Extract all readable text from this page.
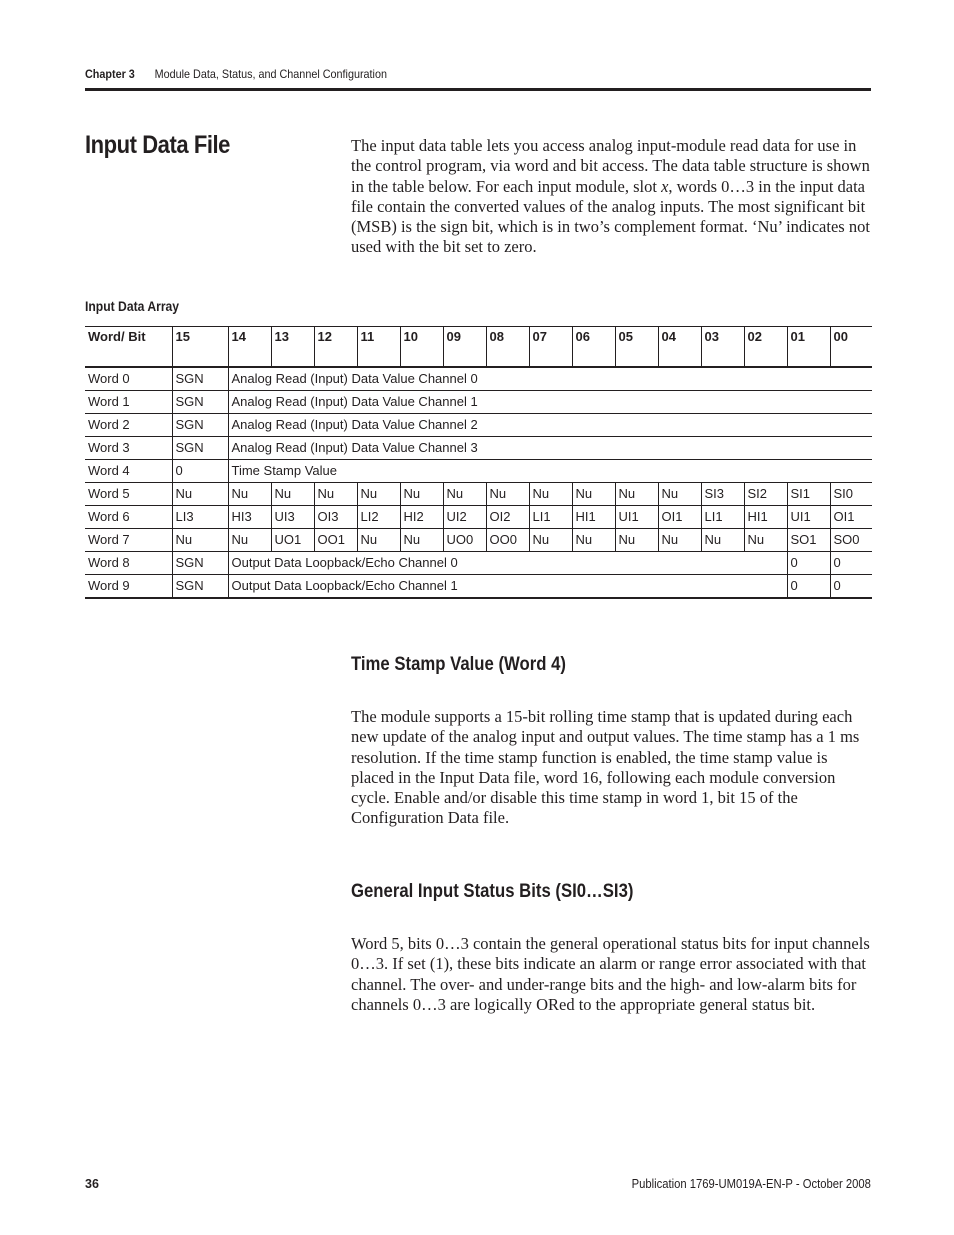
Chapter 3 Module Data, Status, and Channel Configuration
Input Data File	The input data table lets you access analog input-module read data for use in the control program, via word and bit access. The data table structure is shown in the table below. For each input module, slot x, words 0…3 in the input data file contain the converted values of the analog inputs. The most significant bit (MSB) is the sign bit, which is in two’s complement format. ‘Nu’ indicates not used with the bit set to zero.

Input Data Array

Word/ Bit	15	14	13	12	11	10	09	08	07	06	05	04	03	02	01	00
Word 0	SGN	Analog Read (Input) Data Value Channel 0														
Word 1	SGN	Analog Read (Input) Data Value Channel 1														
Word 2	SGN	Analog Read (Input) Data Value Channel 2														
Word 3	SGN	Analog Read (Input) Data Value Channel 3														
Word 4	0	Time Stamp Value														
Word 5	Nu	Nu	Nu	Nu	Nu	Nu	Nu	Nu	Nu	Nu	Nu	Nu	SI3	SI2	SI1	SI0
Word 6	LI3	HI3	UI3	OI3	LI2	HI2	UI2	OI2	LI1	HI1	UI1	OI1	LI1	HI1	UI1	OI1
Word 7	Nu	Nu	UO1	OO1	Nu	Nu	UO0	OO0	Nu	Nu	Nu	Nu	Nu	Nu	SO1	SO0
Word 8	SGN	Output Data Loopback/Echo Channel 0													0	0
Word 9	SGN	Output Data Loopback/Echo Channel 1													0	0
Time Stamp Value (Word 4)

The module supports a 15-bit rolling time stamp that is updated during each new update of the analog input and output values. The time stamp has a 1 ms resolution. If the time stamp function is enabled, the time stamp value is placed in the Input Data file, word 16, following each module conversion cycle. Enable and/or disable this time stamp in word 1, bit 15 of the Configuration Data file.

General Input Status Bits (SI0…SI3)

Word 5, bits 0…3 contain the general operational status bits for input channels 0…3. If set (1), these bits indicate an alarm or range error associated with that channel. The over- and under-range bits and the high- and low-alarm bits for channels 0…3 are logically ORed to the appropriate general status bit.

36	Publication 1769-UM019A-EN-P - October 2008
